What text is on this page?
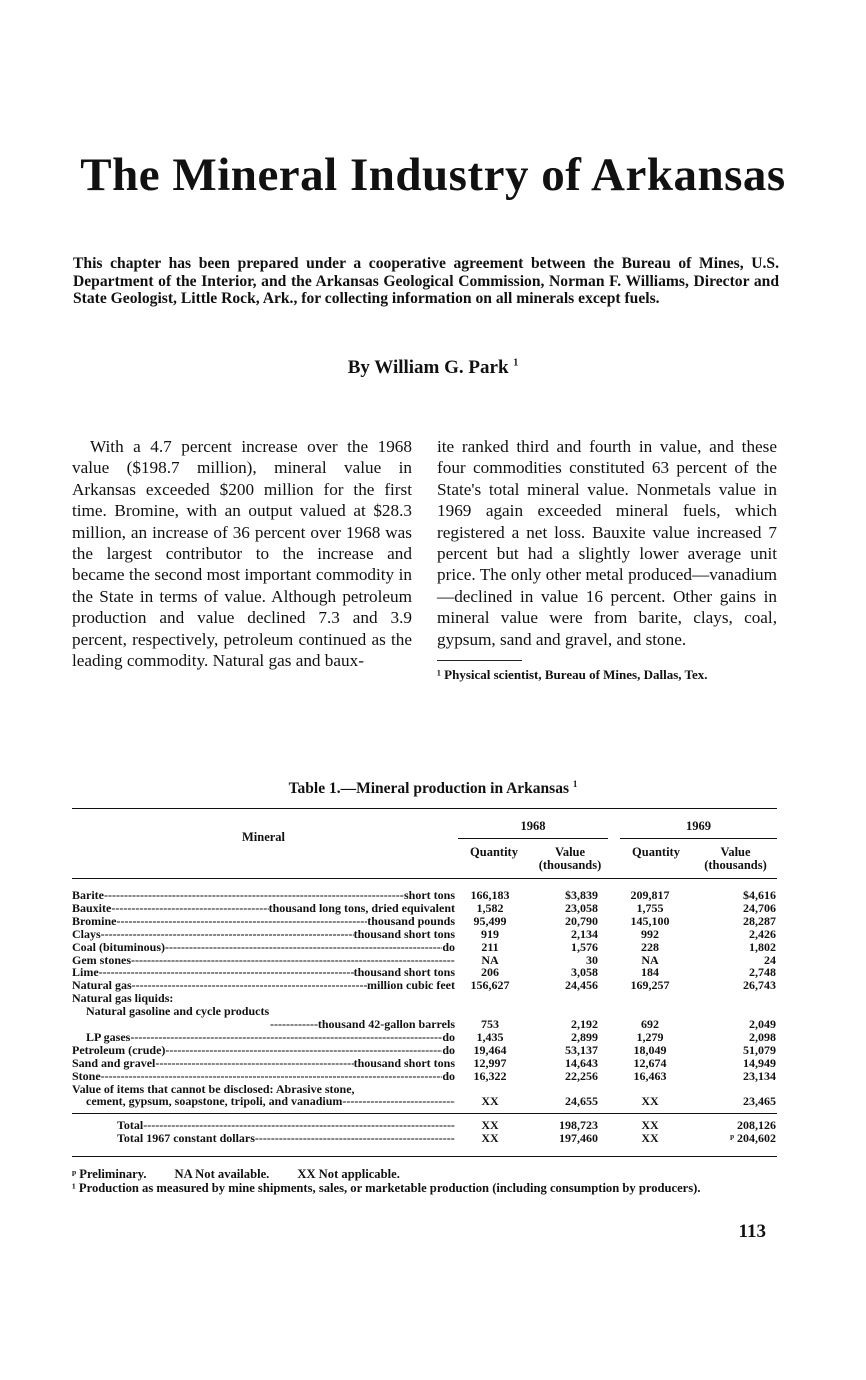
The Mineral Industry of Arkansas
This chapter has been prepared under a cooperative agreement between the Bureau of Mines, U.S. Department of the Interior, and the Arkansas Geological Commission, Norman F. Williams, Director and State Geologist, Little Rock, Ark., for collecting information on all minerals except fuels.
By William G. Park $^1$

With a 4.7 percent increase over the 1968 value ($198.7 million), mineral value in Arkansas exceeded $200 million for the first time. Bromine, with an output valued at $28.3 million, an increase of 36 percent over 1968 was the largest contributor to the increase and became the second most important commodity in the State in terms of value. Although petroleum production and value declined 7.3 and 3.9 percent, respectively, petroleum continued as the leading commodity. Natural gas and baux-

ite ranked third and fourth in value, and these four commodities constituted 63 percent of the State's total mineral value. Nonmetals value in 1969 again exceeded mineral fuels, which registered a net loss. Bauxite value increased 7 percent but had a slightly lower average unit price. The only other metal produced—vanadium—declined in value 16 percent. Other gains in mineral value were from barite, clays, coal, gypsum, sand and gravel, and stone.

¹ Physical scientist, Bureau of Mines, Dallas, Tex.
Table 1.—Mineral production in Arkansas $^1$
Mineral
1968	1969
Quantity	Value
(thousands)
Quantity	Value
(thousands)
Barite -----	short tons	166,183	$3,839	209,817	$4,616
Bauxite -----	thousand long tons, dried equivalent	1,582	23,058	1,755	24,706
Bromine -----	thousand pounds	95,499	20,790	145,100	28,287
Clays -----	thousand short tons	919	2,134	992	2,426
Coal (bituminous) -----	do	211	1,576	228	1,802
Gem stones -----	NA	30	NA	24
Lime -----	thousand short tons	206	3,058	184	2,748
Natural gas -----	million cubic feet	156,627	24,456	169,257	26,743
Natural gas liquids:
Natural gasoline and cycle products
-----
thousand 42-gallon barrels	753	2,192	692	2,049
LP gases -----	do	1,435	2,899	1,279	2,098
Petroleum (crude) -----	do	19,464	53,137	18,049	51,079
Sand and gravel -----	thousand short tons	12,997	14,643	12,674	14,949
Stone -----	do	16,322	22,256	16,463	23,134
Value of items that cannot be disclosed: Abrasive stone,
cement, gypsum, soapstone, tripoli, and vanadium -----	XX	24,655	XX	23,465
Total -----	XX	198,723	XX	208,126
Total 1967 constant dollars -----	XX	197,460	XX	ᵖ 204,602
ᵖ Preliminary. NA Not available. XX Not applicable.
¹ Production as measured by mine shipments, sales, or marketable production (including consumption by producers).
113
